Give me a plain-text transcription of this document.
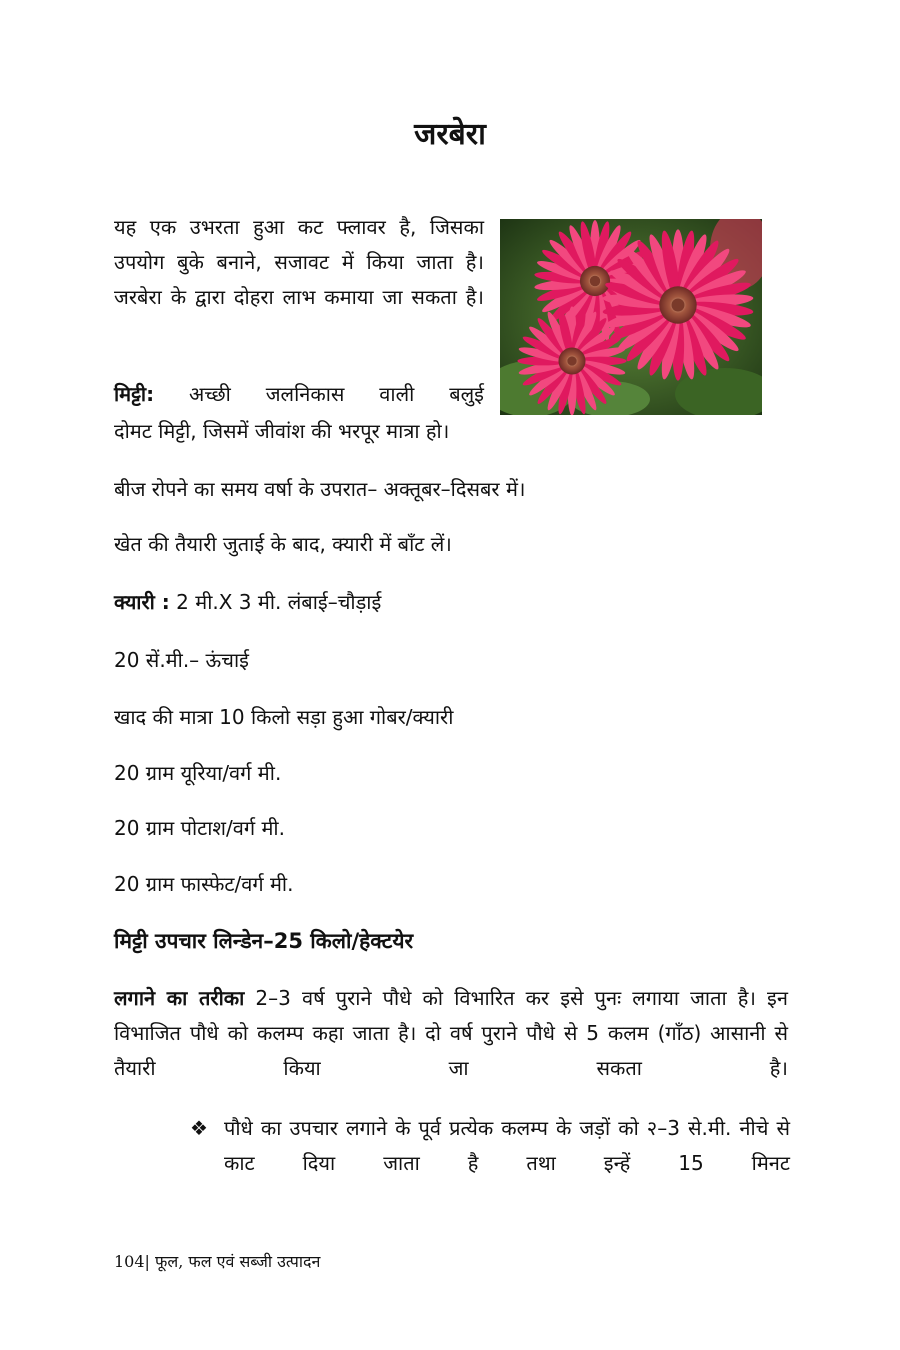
जरबेरा

यह एक उभरता हुआ कट फ्लावर है, जिसका उपयोग बुके बनाने, सजावट में किया जाता है। जरबेरा के द्वारा दोहरा लाभ कमाया जा सकता है।

मिट्टी: अच्छी जलनिकास वाली बलुई

दोमट मिट्टी, जिसमें जीवांश की भरपूर मात्रा हो।

बीज रोपने का समय वर्षा के उपरात– अक्तूबर–दिसबर में।

खेत की तैयारी जुताई के बाद, क्यारी में बॉंट लें।

क्यारी : 2 मी.X 3 मी. लंबाई–चौड़ाई

20 सें.मी.– ऊंचाई

खाद की मात्रा 10 किलो सड़ा हुआ गोबर/क्यारी

20 ग्राम यूरिया/वर्ग मी.

20 ग्राम पोटाश/वर्ग मी.

20 ग्राम फास्फेट/वर्ग मी.

मिट्टी उपचार लिन्डेन–25 किलो/हेक्टयेर

लगाने का तरीका 2–3 वर्ष पुराने पौधे को विभारित कर इसे पुनः लगाया जाता है। इन विभाजित पौधे को कलम्प कहा जाता है। दो वर्ष पुराने पौधे से 5 कलम (गॉंठ) आसानी से तैयारी किया जा सकता है।

❖ पौधे का उपचार लगाने के पूर्व प्रत्येक कलम्प के जड़ों को २–3 से.मी. नीचे से काट दिया जाता है तथा इन्हें 15 मिनट
104| फूल, फल एवं सब्जी उत्पादन
